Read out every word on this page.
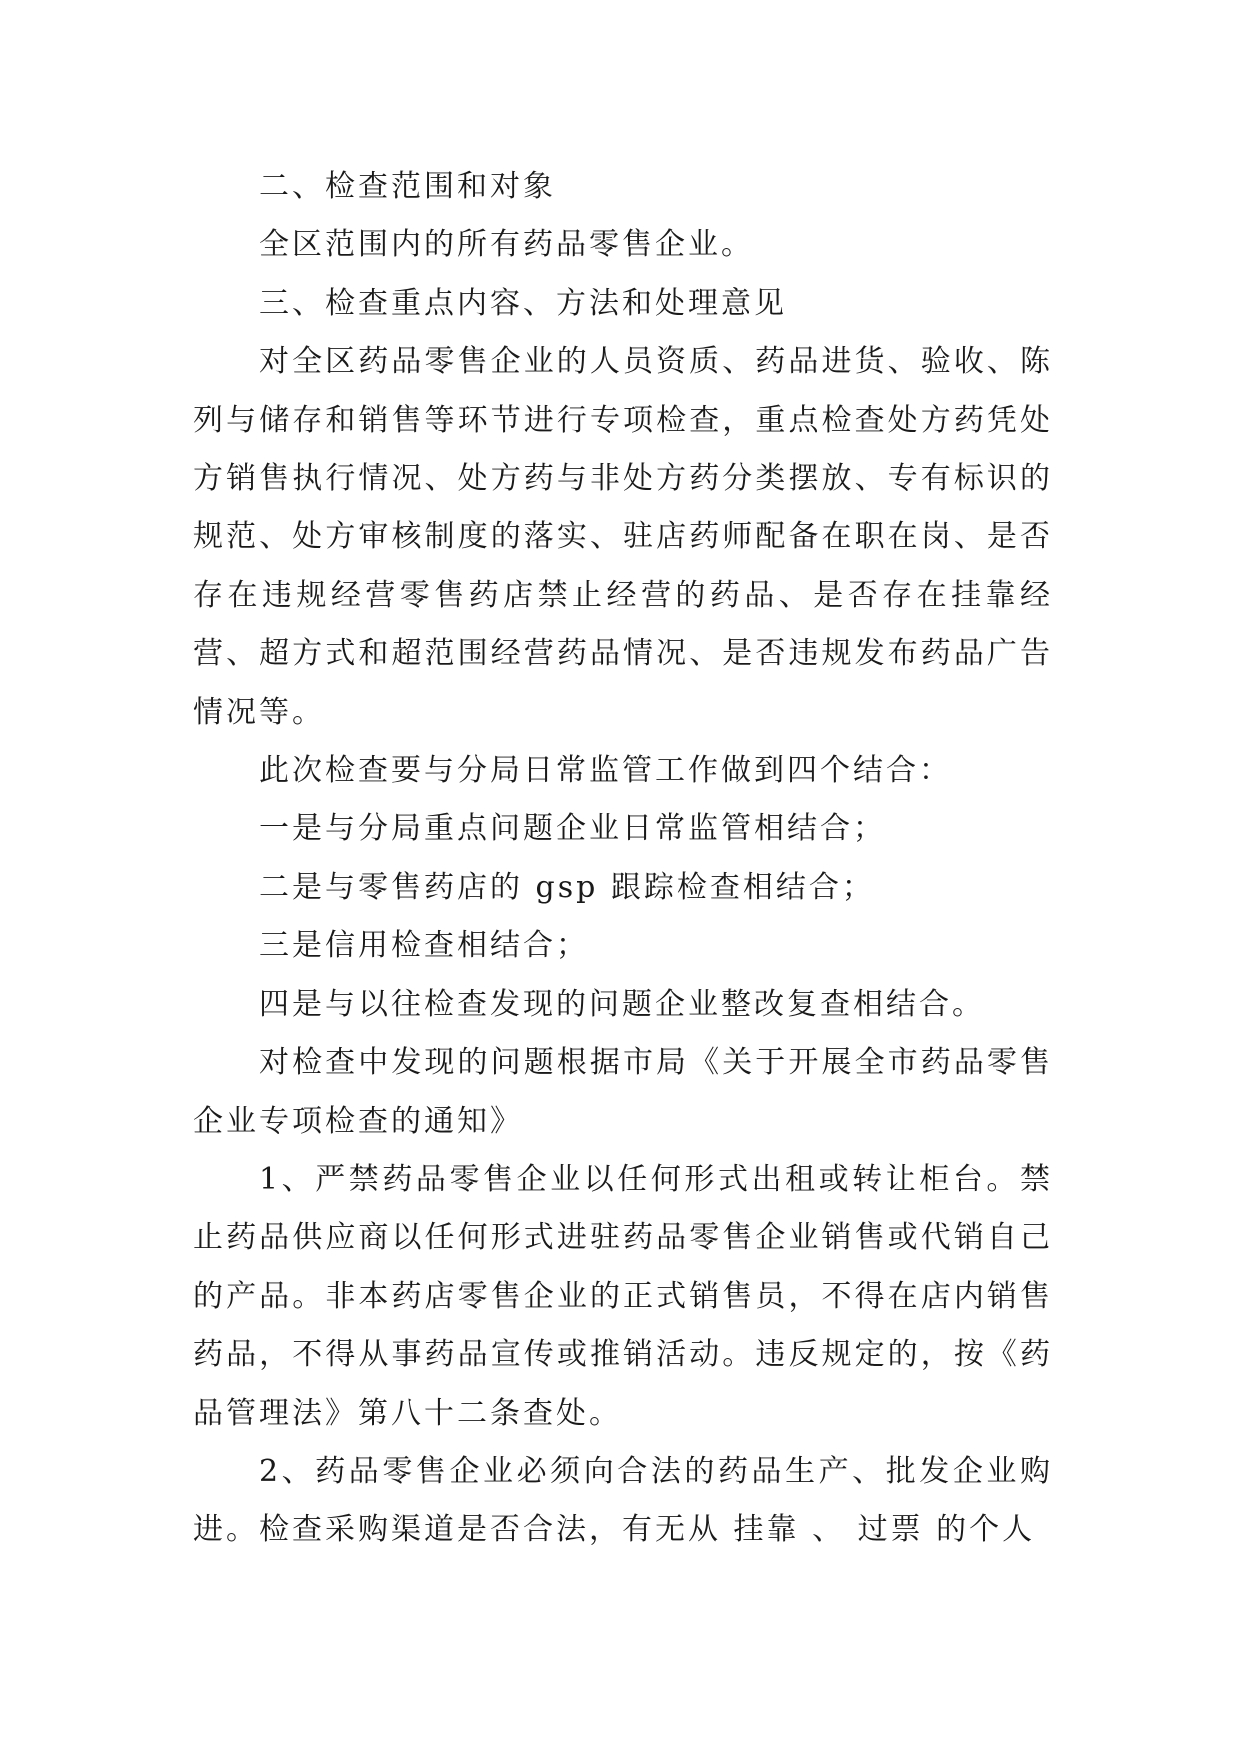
二、检查范围和对象

全区范围内的所有药品零售企业。

三、检查重点内容、方法和处理意见

对全区药品零售企业的人员资质、药品进货、验收、陈列与储存和销售等环节进行专项检查，重点检查处方药凭处方销售执行情况、处方药与非处方药分类摆放、专有标识的规范、处方审核制度的落实、驻店药师配备在职在岗、是否存在违规经营零售药店禁止经营的药品、是否存在挂靠经营、超方式和超范围经营药品情况、是否违规发布药品广告情况等。

此次检查要与分局日常监管工作做到四个结合：

一是与分局重点问题企业日常监管相结合；

二是与零售药店的 gsp 跟踪检查相结合；

三是信用检查相结合；

四是与以往检查发现的问题企业整改复查相结合。

对检查中发现的问题根据市局《关于开展全市药品零售企业专项检查的通知》

1、严禁药品零售企业以任何形式出租或转让柜台。禁止药品供应商以任何形式进驻药品零售企业销售或代销自己的产品。非本药店零售企业的正式销售员，不得在店内销售药品，不得从事药品宣传或推销活动。违反规定的，按《药品管理法》第八十二条查处。

2、药品零售企业必须向合法的药品生产、批发企业购进。检查采购渠道是否合法，有无从 挂靠 、 过票 的个人
